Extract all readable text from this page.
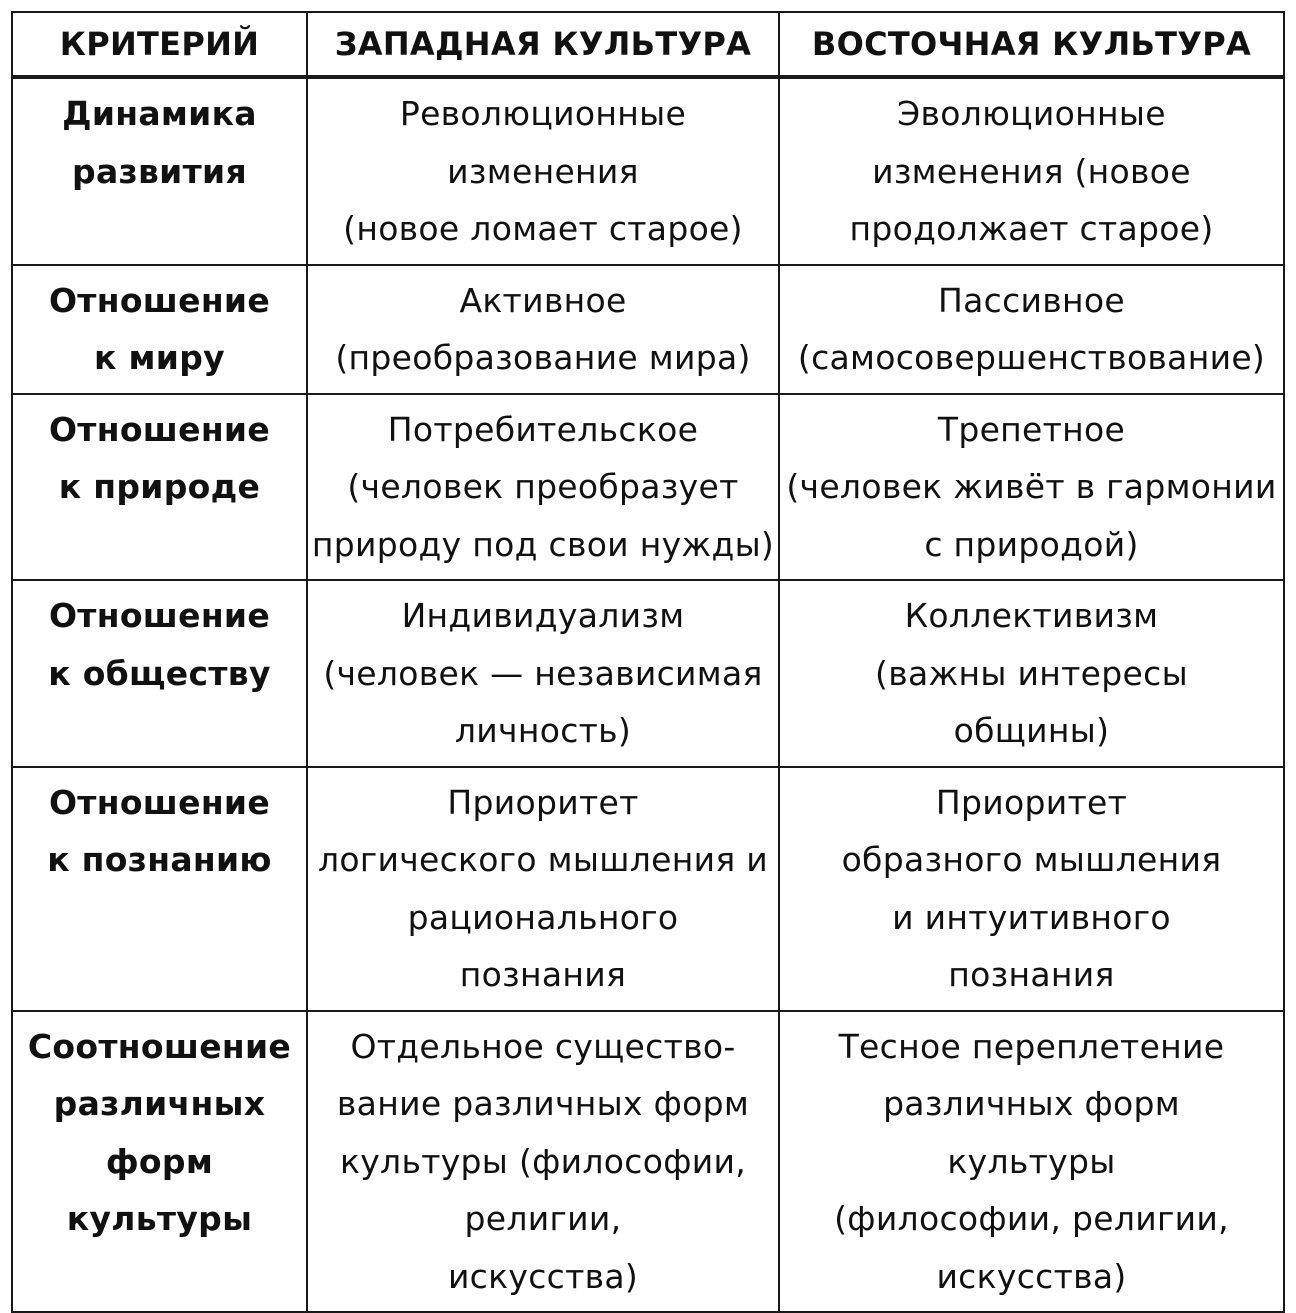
КРИТЕРИЙ	ЗАПАДНАЯ КУЛЬТУРА	ВОСТОЧНАЯ КУЛЬТУРА

Динамика
развития	Революционные
изменения
(новое ломает старое)	Эволюционные
изменения (новое
продолжает старое)

Отношение
к миру	Активное
(преобразование мира)	Пассивное
(самосовершенствование)

Отношение
к природе	Потребительское
(человек преобразует
природу под свои нужды)	Трепетное
(человек живёт в гармонии
с природой)

Отношение
к обществу	Индивидуализм
(человек — независимая
личность)	Коллективизм
(важны интересы
общины)

Отношение
к познанию	Приоритет
логического мышления и
рационального
познания	Приоритет
образного мышления
и интуитивного
познания

Соотношение
различных
форм
культуры	Отдельное существо-
вание различных форм
культуры (философии,
религии,
искусства)	Тесное переплетение
различных форм
культуры
(философии, религии,
искусства)
